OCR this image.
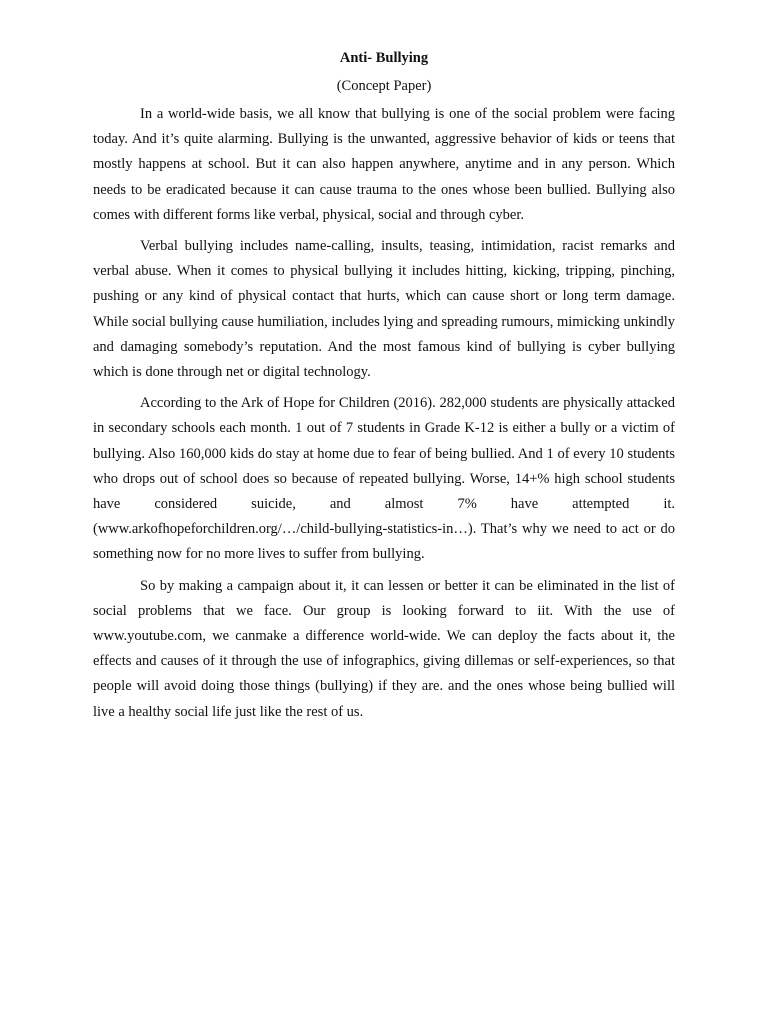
Anti- Bullying
(Concept Paper)

In a world-wide basis, we all know that bullying is one of the social problem were facing today. And it’s quite alarming. Bullying is the unwanted, aggressive behavior of kids or teens that mostly happens at school. But it can also happen anywhere, anytime and in any person. Which needs to be eradicated because it can cause trauma to the ones whose been bullied. Bullying also comes with different forms like verbal, physical, social and through cyber.

Verbal bullying includes name-calling, insults, teasing, intimidation, racist remarks and verbal abuse. When it comes to physical bullying it includes hitting, kicking, tripping, pinching, pushing or any kind of physical contact that hurts, which can cause short or long term damage. While social bullying cause humiliation, includes lying and spreading rumours, mimicking unkindly and damaging somebody’s reputation. And the most famous kind of bullying is cyber bullying which is done through net or digital technology.

According to the Ark of Hope for Children (2016). 282,000 students are physically attacked in secondary schools each month. 1 out of 7 students in Grade K-12 is either a bully or a victim of bullying. Also 160,000 kids do stay at home due to fear of being bullied. And 1 of every 10 students who drops out of school does so because of repeated bullying. Worse, 14+% high school students have considered suicide, and almost 7% have attempted it. (www.arkofhopeforchildren.org/…/child-bullying-statistics-in…). That’s why we need to act or do something now for no more lives to suffer from bullying.

So by making a campaign about it, it can lessen or better it can be eliminated in the list of social problems that we face. Our group is looking forward to iit. With the use of www.youtube.com, we canmake a difference world-wide. We can deploy the facts about it, the effects and causes of it through the use of infographics, giving dillemas or self-experiences, so that people will avoid doing those things (bullying) if they are. and the ones whose being bullied will live a healthy social life just like the rest of us.
